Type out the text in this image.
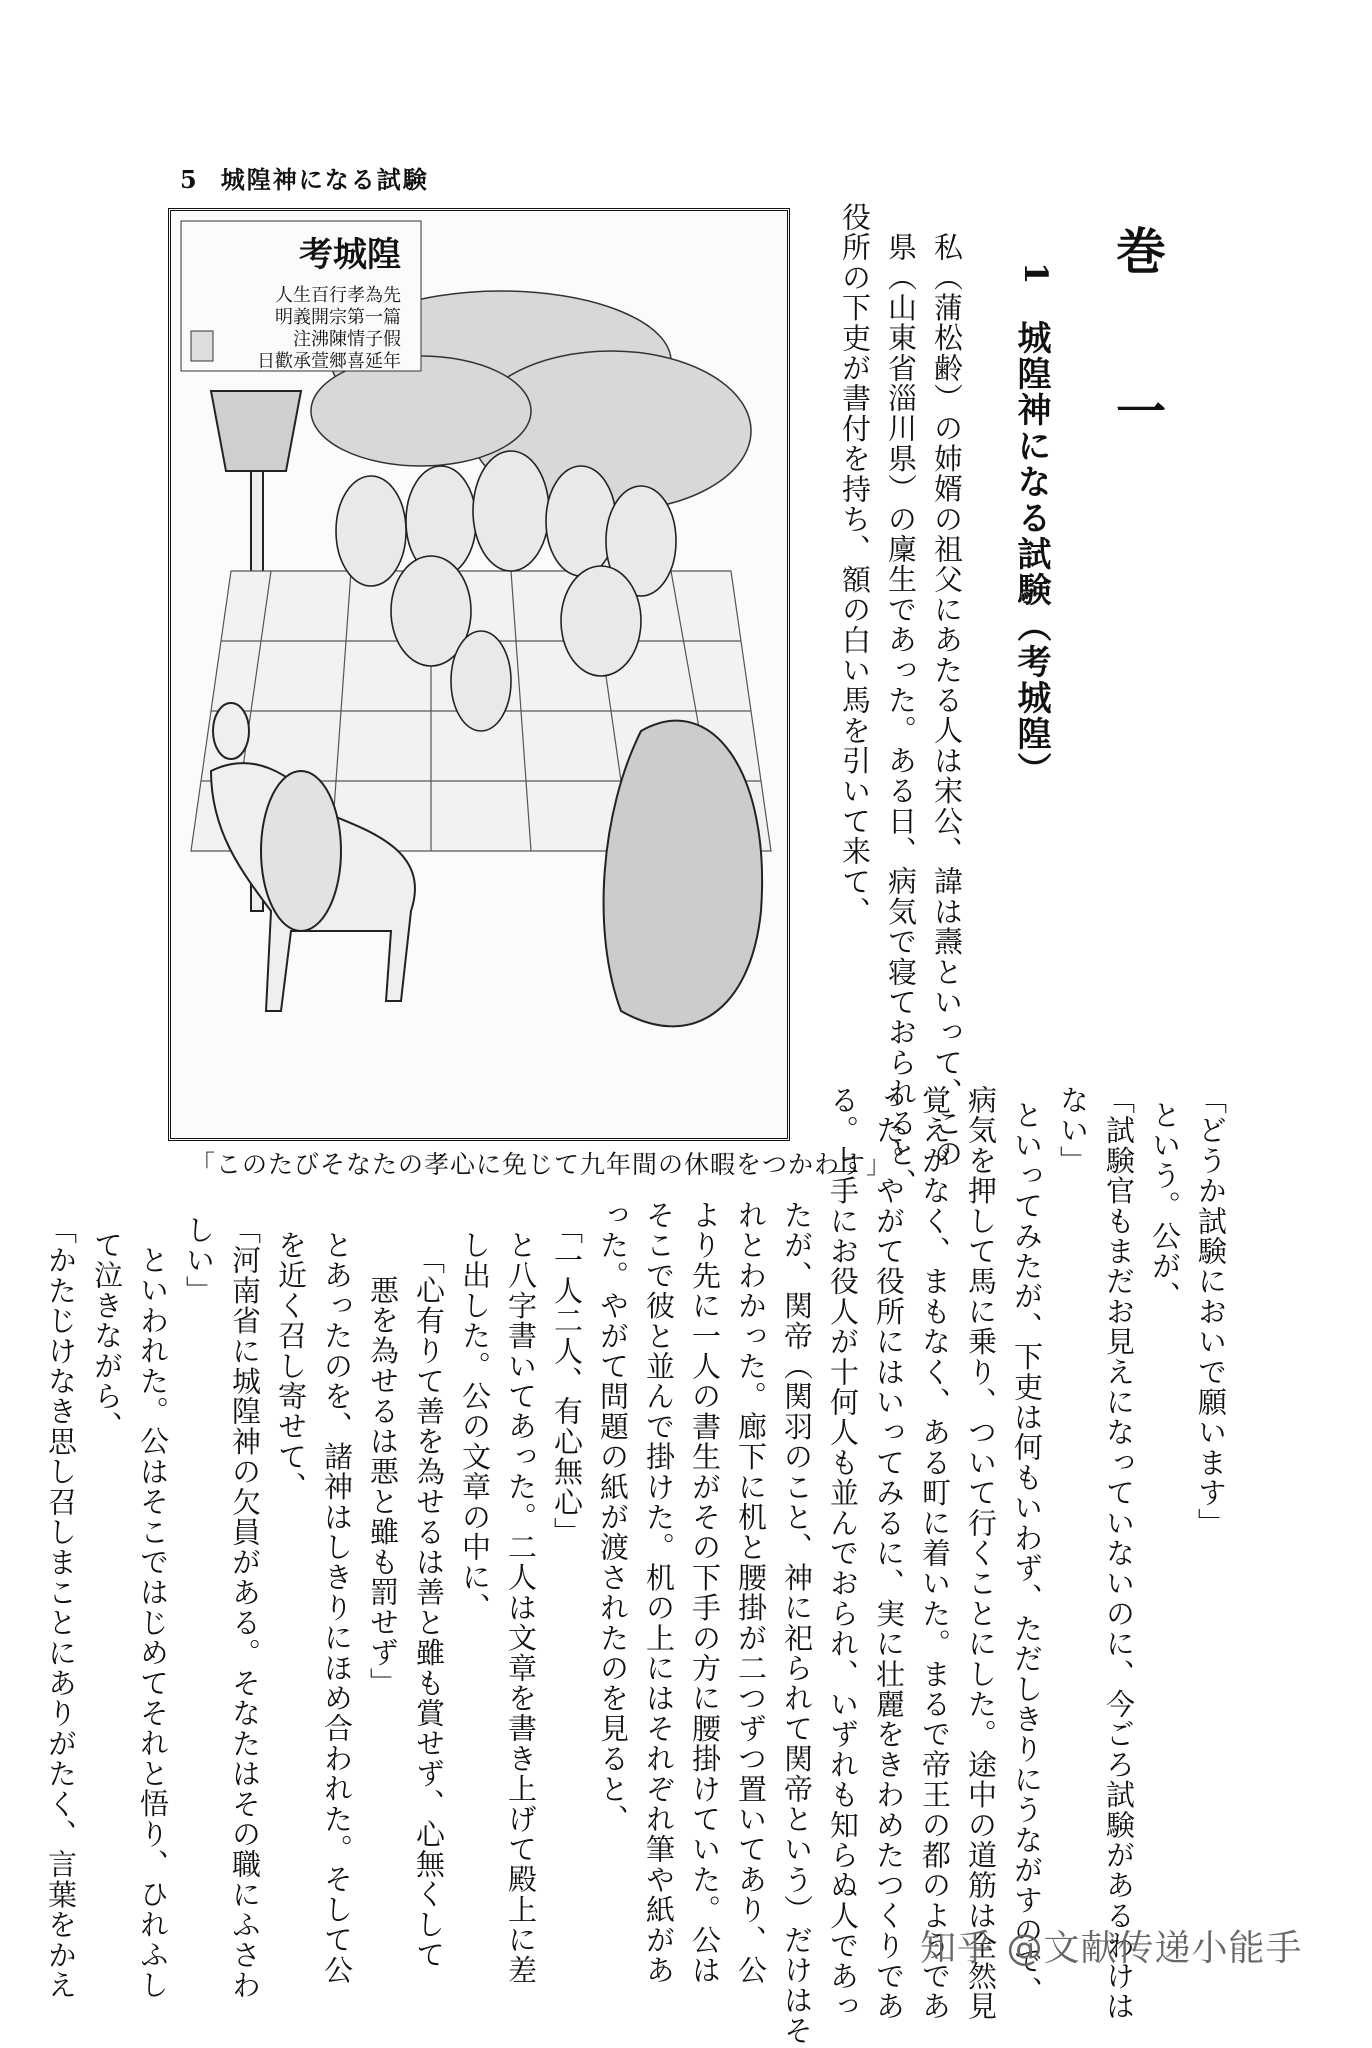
5 城隍神になる試験
巻　一
1
城隍神になる試験（考城隍）
私（蒲松齢）の姉婿の祖父にあたる人は宋公、諱は燾といって、この
県（山東省淄川県）の廩生であった。ある日、病気で寝ておられると、
役所の下吏が書付を持ち、額の白い馬を引いて来て、
「どうか試験においで願います」
という。公が、
「試験官もまだお見えになっていないのに、今ごろ試験があるわけは
ない」
といってみたが、下吏は何もいわず、ただしきりにうながすので、
病気を押して馬に乗り、ついて行くことにした。途中の道筋は全然見
覚えがなく、まもなく、ある町に着いた。まるで帝王の都のようであ
った。やがて役所にはいってみるに、実に壮麗をきわめたつくりであ
る。上手にお役人が十何人も並んでおられ、いずれも知らぬ人であっ
たが、関帝（関羽のこと、神に祀られて関帝という）だけはそ
れとわかった。廊下に机と腰掛が二つずつ置いてあり、公
より先に一人の書生がその下手の方に腰掛けていた。公は
そこで彼と並んで掛けた。机の上にはそれぞれ筆や紙があ
った。やがて問題の紙が渡されたのを見ると、
「一人二人、有心無心」
と八字書いてあった。二人は文章を書き上げて殿上に差
し出した。公の文章の中に、
「心有りて善を為せるは善と雖も賞せず、心無くして
悪を為せるは悪と雖も罰せず」
とあったのを、諸神はしきりにほめ合われた。そして公
を近く召し寄せて、
「河南省に城隍神の欠員がある。そなたはその職にふさわ
しい」
といわれた。公はそこではじめてそれと悟り、ひれふし
て泣きながら、
「かたじけなき思し召しまことにありがたく、言葉をかえ
考城隍
人生百行孝為先
明義開宗第一篇
注沸陳情子假
日歡承萱郷喜延年
「このたびそなたの孝心に免じて九年間の休暇をつかわす」
知乎 @文献传递小能手
